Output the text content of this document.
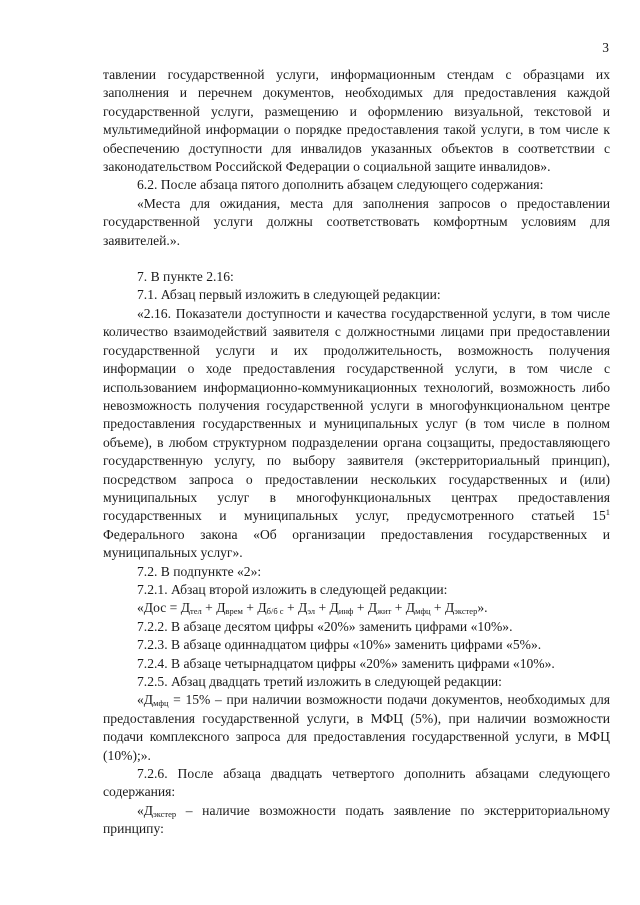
3

тавлении государственной услуги, информационным стендам с образцами их заполнения и перечнем документов, необходимых для предоставления каждой государственной услуги, размещению и оформлению визуальной, текстовой и мультимедийной информации о порядке предоставления такой услуги, в том числе к обеспечению доступности для инвалидов указанных объектов в соответствии с законодательством Российской Федерации о социальной защите инвалидов».

6.2. После абзаца пятого дополнить абзацем следующего содержания:

«Места для ожидания, места для заполнения запросов о предоставлении государственной услуги должны соответствовать комфортным условиям для заявителей.».

7. В пункте 2.16:

7.1. Абзац первый изложить в следующей редакции:

«2.16. Показатели доступности и качества государственной услуги, в том числе количество взаимодействий заявителя с должностными лицами при предоставлении государственной услуги и их продолжительность, возможность получения информации о ходе предоставления государственной услуги, в том числе с использованием информационно-коммуникационных технологий, возможность либо невозможность получения государственной услуги в многофункциональном центре предоставления государственных и муниципальных услуг (в том числе в полном объеме), в любом структурном подразделении органа соцзащиты, предоставляющего государственную услугу, по выбору заявителя (экстерриториальный принцип), посредством запроса о предоставлении нескольких государственных и (или) муниципальных услуг в многофункциональных центрах предоставления государственных и муниципальных услуг, предусмотренного статьей $15^1$ Федерального закона «Об организации предоставления государственных и муниципальных услуг».

7.2. В подпункте «2»:

7.2.1. Абзац второй изложить в следующей редакции:

«Дос = $Д_{тел} + Д_{врем} + Д_{б/б с} + Д_{эл} + Д_{инф} + Д_{жит} + Д_{мфц} + Д_{экстер}$».

7.2.2. В абзаце десятом цифры «20%» заменить цифрами «10%».

7.2.3. В абзаце одиннадцатом цифры «10%» заменить цифрами «5%».

7.2.4. В абзаце четырнадцатом цифры «20%» заменить цифрами «10%».

7.2.5. Абзац двадцать третий изложить в следующей редакции:

«$Д_{мфц} = 15\%$ – при наличии возможности подачи документов, необходимых для предоставления государственной услуги, в МФЦ (5%), при наличии возможности подачи комплексного запроса для предоставления государственной услуги, в МФЦ (10%);».

7.2.6. После абзаца двадцать четвертого дополнить абзацами следующего содержания:

«$Д_{экстер}$ – наличие возможности подать заявление по экстерриториальному принципу:
